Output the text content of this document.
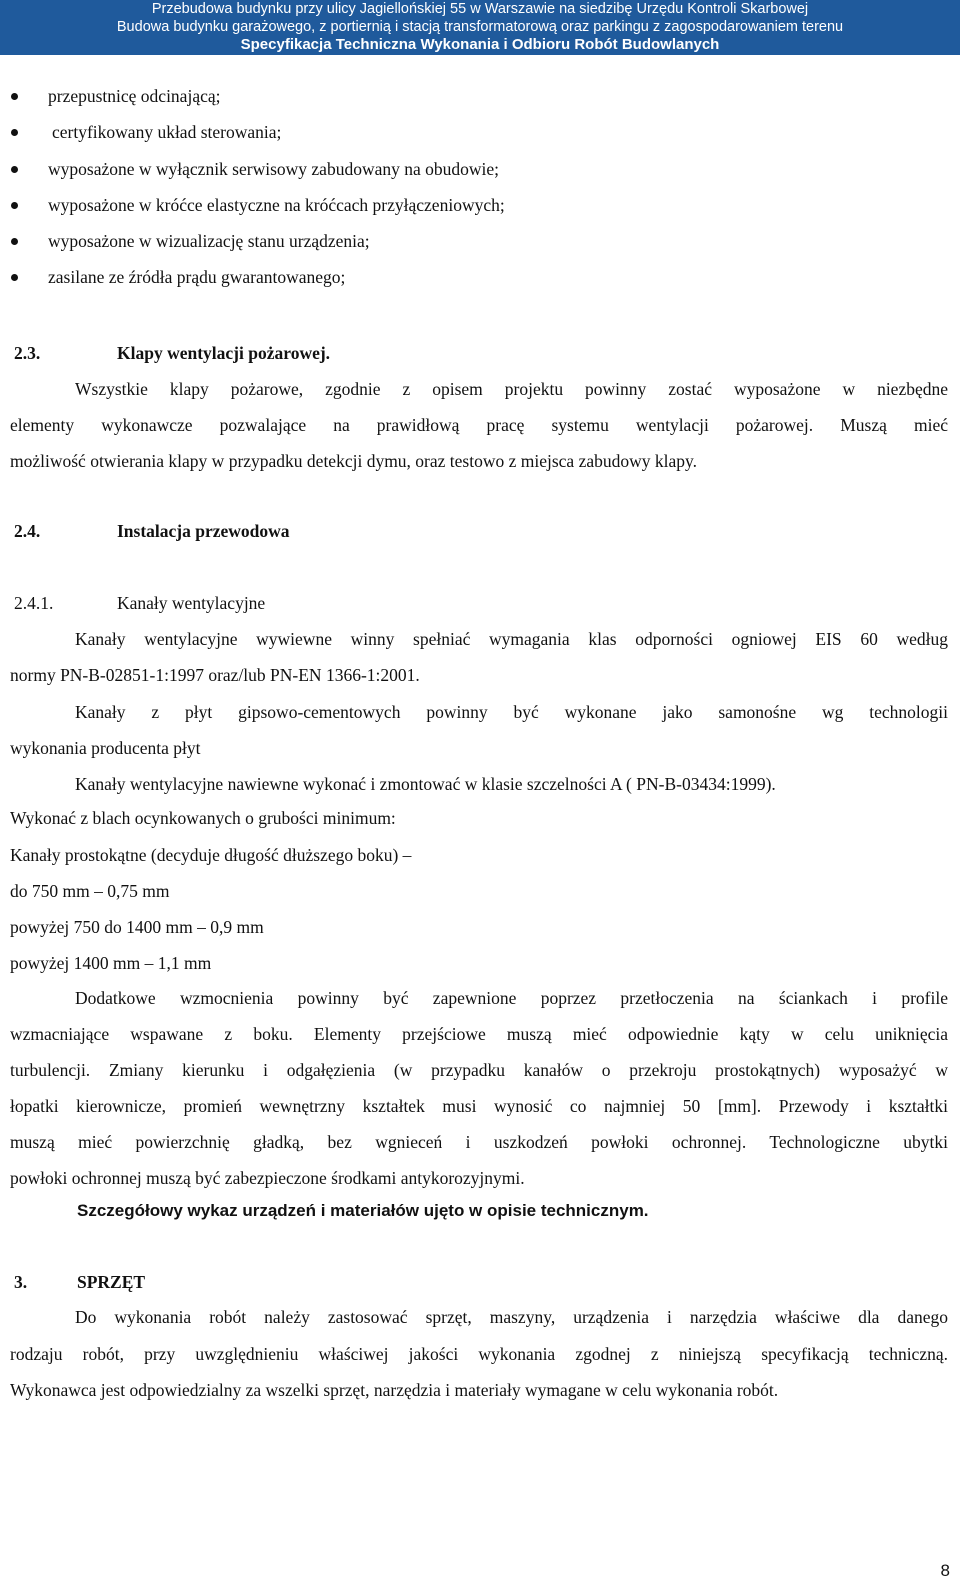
Przebudowa budynku przy ulicy Jagiellońskiej 55 w Warszawie na siedzibę Urzędu Kontroli Skarbowej
Budowa budynku garażowego, z portiernią i stacją transformatorową oraz parkingu z zagospodarowaniem terenu
Specyfikacja Techniczna Wykonania i Odbioru Robót Budowlanych
przepustnicę odcinającą;
certyfikowany układ sterowania;
wyposażone w wyłącznik serwisowy zabudowany na obudowie;
wyposażone w króćce elastyczne na króćcach przyłączeniowych;
wyposażone w wizualizację stanu urządzenia;
zasilane ze źródła prądu gwarantowanego;
2.3.	Klapy wentylacji pożarowej.
Wszystkie klapy pożarowe, zgodnie z opisem projektu powinny zostać wyposażone w niezbędne
elementy wykonawcze pozwalające na prawidłową pracę systemu wentylacji pożarowej. Muszą mieć
możliwość otwierania klapy w przypadku detekcji dymu, oraz testowo z miejsca zabudowy klapy.
2.4.	Instalacja przewodowa
2.4.1.	Kanały wentylacyjne
Kanały wentylacyjne wywiewne winny spełniać wymagania klas odporności ogniowej EIS 60 według
normy PN-B-02851-1:1997 oraz/lub PN-EN 1366-1:2001.
Kanały z płyt gipsowo-cementowych powinny być wykonane jako samonośne wg technologii
wykonania producenta płyt
Kanały wentylacyjne nawiewne wykonać i zmontować w klasie szczelności A ( PN-B-03434:1999).
Wykonać z blach ocynkowanych o grubości minimum:
Kanały prostokątne (decyduje długość dłuższego boku) –
do 750 mm – 0,75 mm
powyżej 750 do 1400 mm – 0,9 mm
powyżej 1400 mm – 1,1 mm
Dodatkowe wzmocnienia powinny być zapewnione poprzez przetłoczenia na ściankach i profile
wzmacniające wspawane z boku. Elementy przejściowe muszą mieć odpowiednie kąty w celu uniknięcia
turbulencji. Zmiany kierunku i odgałęzienia (w przypadku kanałów o przekroju prostokątnych) wyposażyć w
łopatki kierownicze, promień wewnętrzny kształtek musi wynosić co najmniej 50 [mm]. Przewody i kształtki
muszą mieć powierzchnię gładką, bez wgnieceń i uszkodzeń powłoki ochronnej. Technologiczne ubytki
powłoki ochronnej muszą być zabezpieczone środkami antykorozyjnymi.
Szczegółowy wykaz urządzeń i materiałów ujęto w opisie technicznym.
3.	SPRZĘT
Do wykonania robót należy zastosować sprzęt, maszyny, urządzenia i narzędzia właściwe dla danego
rodzaju robót, przy uwzględnieniu właściwej jakości wykonania zgodnej z niniejszą specyfikacją techniczną.
Wykonawca jest odpowiedzialny za wszelki sprzęt, narzędzia i materiały wymagane w celu wykonania robót.
8
